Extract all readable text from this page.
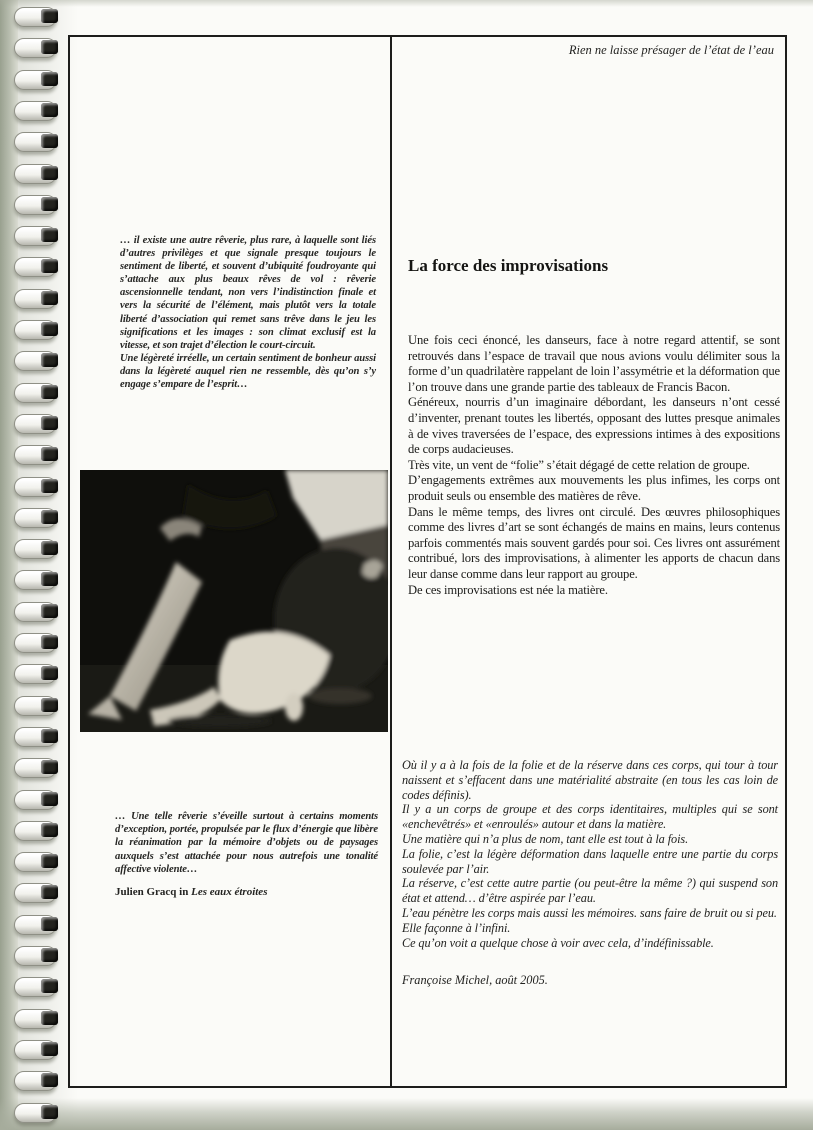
Rien ne laisse présager de l’état de l’eau

… il existe une autre rêverie, plus rare, à laquelle sont liés d’autres privilèges et que signale presque toujours le sentiment de liberté, et souvent d’ubiquité foudroyante qui s’attache aux plus beaux rêves de vol : rêverie ascensionnelle tendant, non vers l’indistinction finale et vers la sécurité de l’élément, mais plutôt vers la totale liberté d’association qui remet sans trêve dans le jeu les significations et les images : son climat exclusif est la vitesse, et son trajet d’élection le court-circuit.

Une légèreté irréelle, un certain sentiment de bonheur aussi dans la légèreté auquel rien ne ressemble, dès qu’on s’y engage s’empare de l’esprit…

… Une telle rêverie s’éveille surtout à certains moments d’exception, portée, propulsée par le flux d’énergie que libère la réanimation par la mémoire d’objets ou de paysages auxquels s’est attachée pour nous autrefois une tonalité affective violente…
Julien Gracq in Les eaux étroites
La force des improvisations

Une fois ceci énoncé, les danseurs, face à notre regard attentif, se sont retrouvés dans l’espace de travail que nous avions voulu délimiter sous la forme d’un quadrilatère rappelant de loin l’assymétrie et la déformation que l’on trouve dans une grande partie des tableaux de Francis Bacon.

Généreux, nourris d’un imaginaire débordant, les danseurs n’ont cessé d’inventer, prenant toutes les libertés, opposant des luttes presque animales à de vives traversées de l’espace, des expressions intimes à des expositions de corps audacieuses.

Très vite, un vent de “folie” s’était dégagé de cette relation de groupe.

D’engagements extrêmes aux mouvements les plus infimes, les corps ont produit seuls ou ensemble des matières de rêve.

Dans le même temps, des livres ont circulé. Des œuvres philosophiques comme des livres d’art se sont échangés de mains en mains, leurs contenus parfois commentés mais souvent gardés pour soi. Ces livres ont assurément contribué, lors des improvisations, à alimenter les apports de chacun dans leur danse comme dans leur rapport au groupe.

De ces improvisations est née la matière.

Où il y a à la fois de la folie et de la réserve dans ces corps, qui tour à tour naissent et s’effacent dans une matérialité abstraite (en tous les cas loin de codes définis).

Il y a un corps de groupe et des corps identitaires, multiples qui se sont «enchevêtrés» et «enroulés» autour et dans la matière.

Une matière qui n’a plus de nom, tant elle est tout à la fois.

La folie, c’est la légère déformation dans laquelle entre une partie du corps soulevée par l’air.

La réserve, c’est cette autre partie (ou peut-être la même ?) qui suspend son état et attend… d’être aspirée par l’eau.

L’eau pénètre les corps mais aussi les mémoires. sans faire de bruit ou si peu.

Elle façonne à l’infini.

Ce qu’on voit a quelque chose à voir avec cela, d’indéfinissable.

Françoise Michel, août 2005.
